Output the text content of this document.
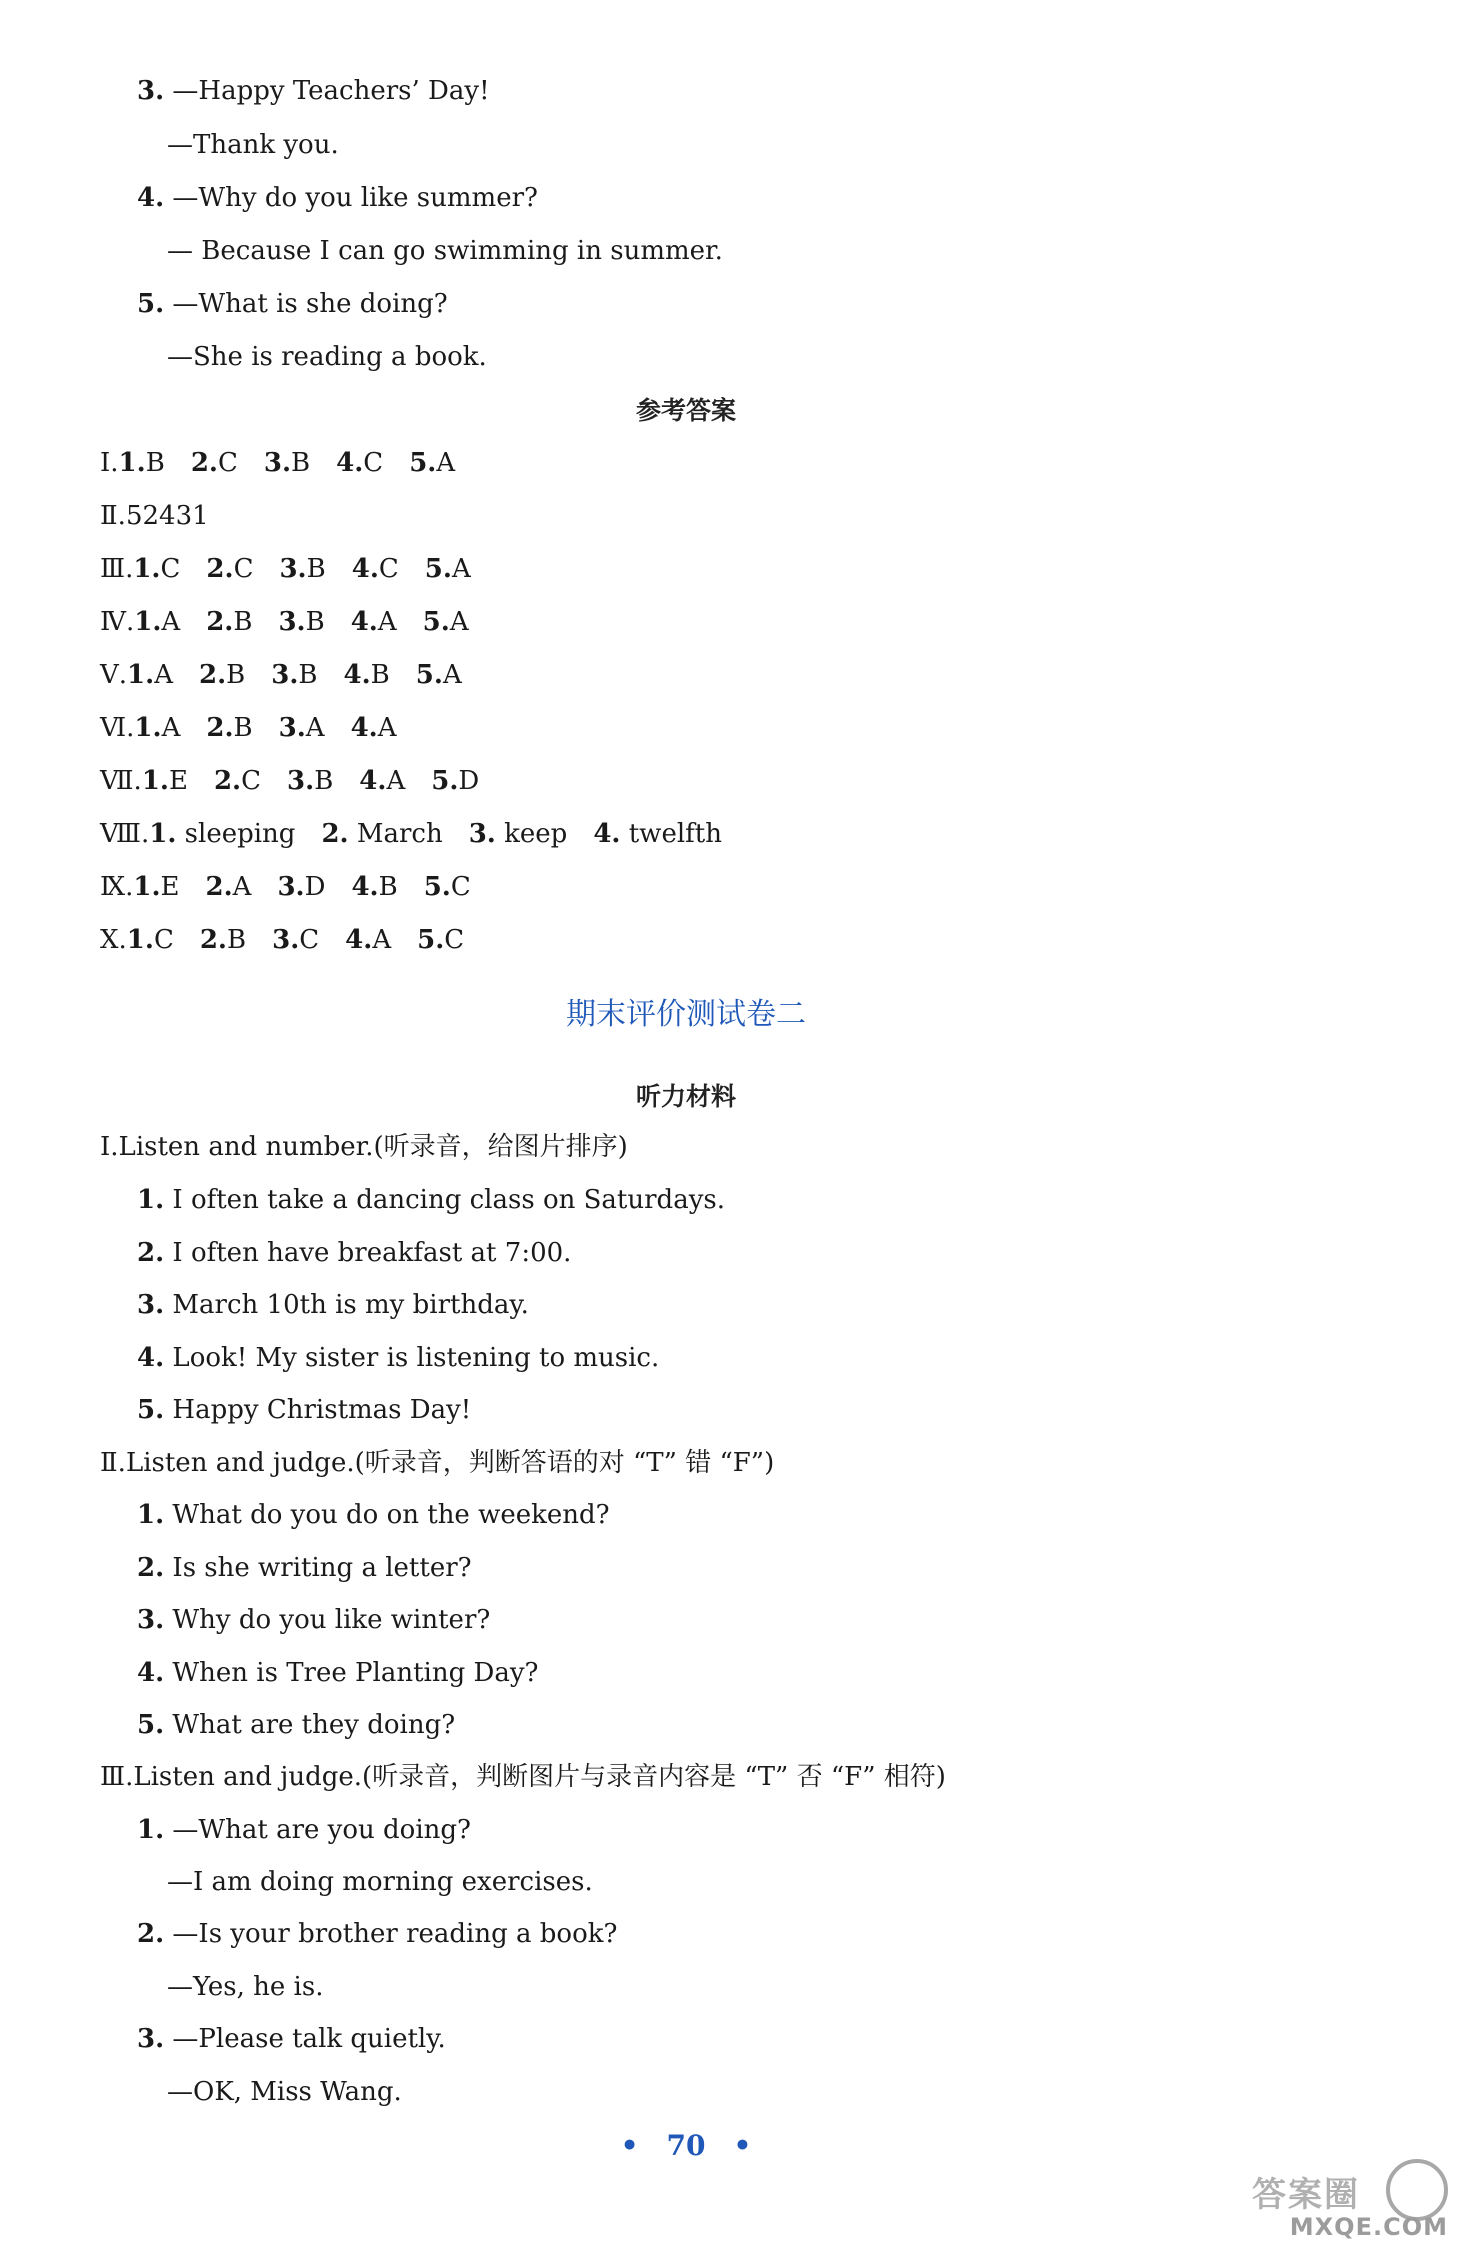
3. —Happy Teachers’ Day!
—Thank you.
4. —Why do you like summer?
— Because I can go swimming in summer.
5. —What is she doing?
—She is reading a book.
参考答案
Ⅰ.1.B 2.C 3.B 4.C 5.A
Ⅱ.52431
Ⅲ.1.C 2.C 3.B 4.C 5.A
Ⅳ.1.A 2.B 3.B 4.A 5.A
Ⅴ.1.A 2.B 3.B 4.B 5.A
Ⅵ.1.A 2.B 3.A 4.A
Ⅶ.1.E 2.C 3.B 4.A 5.D
Ⅷ.1. sleeping 2. March 3. keep 4. twelfth
Ⅸ.1.E 2.A 3.D 4.B 5.C
Ⅹ.1.C 2.B 3.C 4.A 5.C
期末评价测试卷二
听力材料
Ⅰ.Listen and number.(听录音，给图片排序)
1. I often take a dancing class on Saturdays.
2. I often have breakfast at 7:00.
3. March 10th is my birthday.
4. Look! My sister is listening to music.
5. Happy Christmas Day!
Ⅱ.Listen and judge.(听录音，判断答语的对 “T” 错 “F”)
1. What do you do on the weekend?
2. Is she writing a letter?
3. Why do you like winter?
4. When is Tree Planting Day?
5. What are they doing?
Ⅲ.Listen and judge.(听录音，判断图片与录音内容是 “T” 否 “F” 相符)
1. —What are you doing?
—I am doing morning exercises.
2. —Is your brother reading a book?
—Yes, he is.
3. —Please talk quietly.
—OK, Miss Wang.
• 70 •
答案圈
MXQE.COM
